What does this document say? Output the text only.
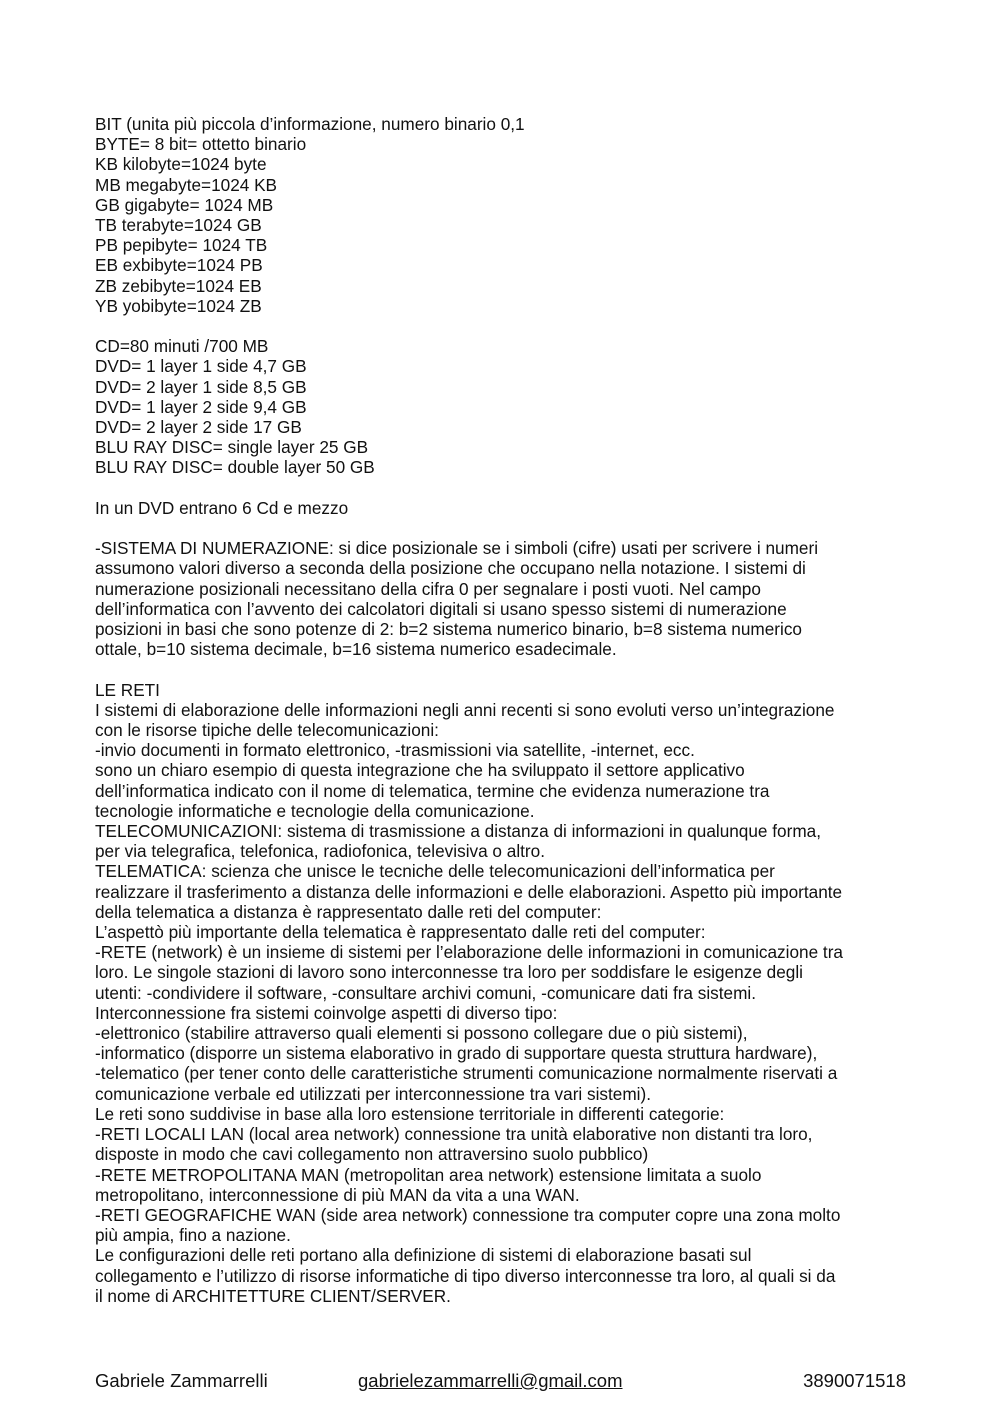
BIT (unita più piccola d’informazione, numero binario 0,1
BYTE= 8 bit= ottetto binario
KB kilobyte=1024 byte
MB megabyte=1024 KB
GB gigabyte= 1024 MB
TB terabyte=1024 GB
PB pepibyte= 1024 TB
EB exbibyte=1024 PB
ZB zebibyte=1024 EB
YB yobibyte=1024 ZB
CD=80 minuti /700 MB
DVD= 1 layer 1 side 4,7 GB
DVD= 2 layer 1 side 8,5 GB
DVD= 1 layer 2 side 9,4 GB
DVD= 2 layer 2 side 17 GB
BLU RAY DISC= single layer 25 GB
BLU RAY DISC= double layer 50 GB
In un DVD entrano 6 Cd e mezzo
-SISTEMA DI NUMERAZIONE: si dice posizionale se i simboli (cifre) usati per scrivere i numeri
assumono valori diverso a seconda della posizione che occupano nella notazione. I sistemi di
numerazione posizionali necessitano della cifra 0 per segnalare i posti vuoti. Nel campo
dell’informatica con l’avvento dei calcolatori digitali si usano spesso sistemi di numerazione
posizioni in basi che sono potenze di 2: b=2 sistema numerico binario, b=8 sistema numerico
ottale, b=10 sistema decimale, b=16 sistema numerico esadecimale.
LE RETI
I sistemi di elaborazione delle informazioni negli anni recenti si sono evoluti verso un’integrazione
con le risorse tipiche delle telecomunicazioni:
-invio documenti in formato elettronico, -trasmissioni via satellite, -internet, ecc.
sono un chiaro esempio di questa integrazione che ha sviluppato il settore applicativo
dell’informatica indicato con il nome di telematica, termine che evidenza numerazione tra
tecnologie informatiche e tecnologie della comunicazione.
TELECOMUNICAZIONI: sistema di trasmissione a distanza di informazioni in qualunque forma,
per via telegrafica, telefonica, radiofonica, televisiva o altro.
TELEMATICA: scienza che unisce le tecniche delle telecomunicazioni dell’informatica per
realizzare il trasferimento a distanza delle informazioni e delle elaborazioni. Aspetto più importante
della telematica a distanza è rappresentato dalle reti del computer:
L’aspettò più importante della telematica è rappresentato dalle reti del computer:
-RETE (network) è un insieme di sistemi per l’elaborazione delle informazioni in comunicazione tra
loro. Le singole stazioni di lavoro sono interconnesse tra loro per soddisfare le esigenze degli
utenti: -condividere il software, -consultare archivi comuni, -comunicare dati fra sistemi.
Interconnessione fra sistemi coinvolge aspetti di diverso tipo:
-elettronico (stabilire attraverso quali elementi si possono collegare due o più sistemi),
-informatico (disporre un sistema elaborativo in grado di supportare questa struttura hardware),
-telematico (per tener conto delle caratteristiche strumenti comunicazione normalmente riservati a
comunicazione verbale ed utilizzati per interconnessione tra vari sistemi).
Le reti sono suddivise in base alla loro estensione territoriale in differenti categorie:
-RETI LOCALI LAN (local area network) connessione tra unità elaborative non distanti tra loro,
disposte in modo che cavi collegamento non attraversino suolo pubblico)
-RETE METROPOLITANA MAN (metropolitan area network) estensione limitata a suolo
metropolitano, interconnessione di più MAN da vita a una WAN.
-RETI GEOGRAFICHE WAN (side area network) connessione tra computer copre una zona molto
più ampia, fino a nazione.
Le configurazioni delle reti portano alla definizione di sistemi di elaborazione basati sul
collegamento e l’utilizzo di risorse informatiche di tipo diverso interconnesse tra loro, al quali si da
il nome di ARCHITETTURE CLIENT/SERVER.
Gabriele Zammarrelli	gabrielezammarrelli@gmail.com	3890071518
